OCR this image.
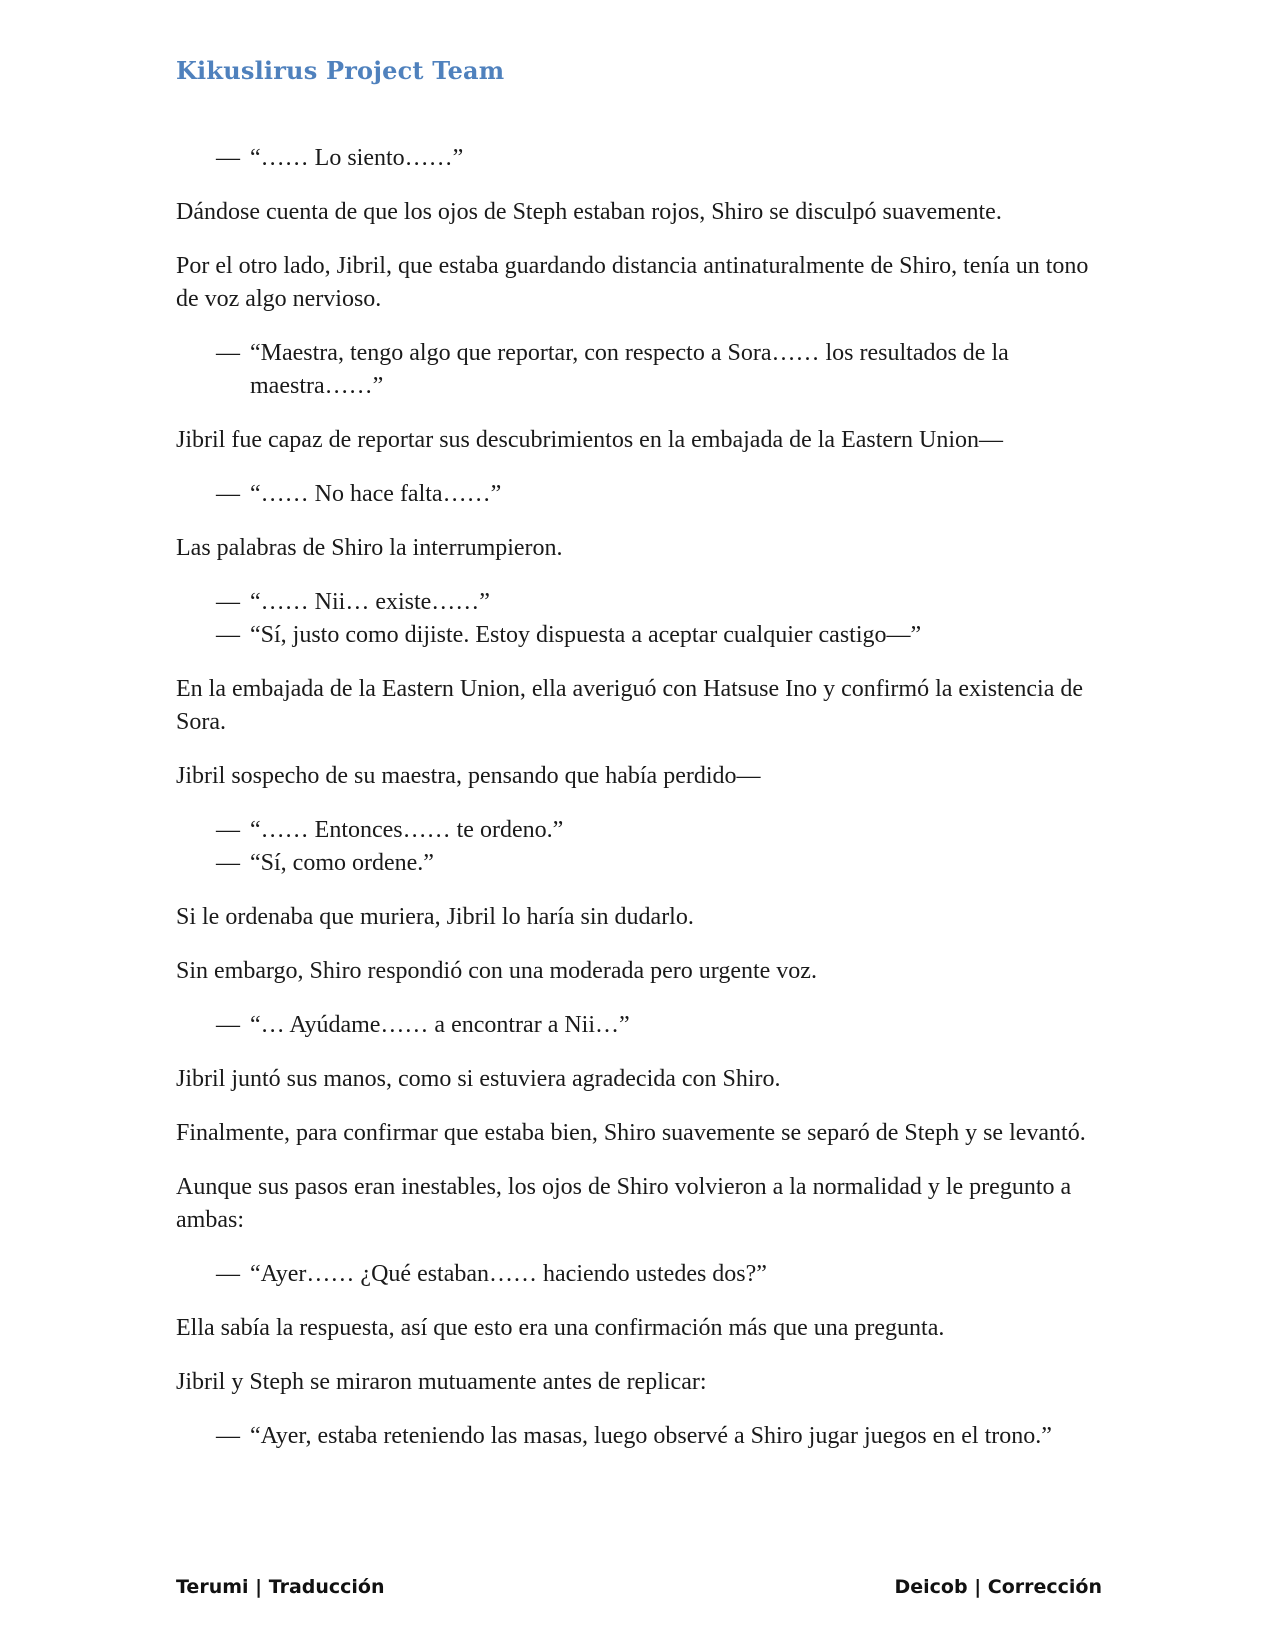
Kikuslirus Project Team
— “…… Lo siento……”

Dándose cuenta de que los ojos de Steph estaban rojos, Shiro se disculpó suavemente.

Por el otro lado, Jibril, que estaba guardando distancia antinaturalmente de Shiro, tenía un tono de voz algo nervioso.

— “Maestra, tengo algo que reportar, con respecto a Sora…… los resultados de la maestra……”

Jibril fue capaz de reportar sus descubrimientos en la embajada de la Eastern Union—

— “…… No hace falta……”

Las palabras de Shiro la interrumpieron.

— “…… Nii… existe……”
— “Sí, justo como dijiste. Estoy dispuesta a aceptar cualquier castigo—”

En la embajada de la Eastern Union, ella averiguó con Hatsuse Ino y confirmó la existencia de Sora.

Jibril sospecho de su maestra, pensando que había perdido—

— “…… Entonces…… te ordeno.”
— “Sí, como ordene.”

Si le ordenaba que muriera, Jibril lo haría sin dudarlo.

Sin embargo, Shiro respondió con una moderada pero urgente voz.

— “… Ayúdame…… a encontrar a Nii…”

Jibril juntó sus manos, como si estuviera agradecida con Shiro.

Finalmente, para confirmar que estaba bien, Shiro suavemente se separó de Steph y se levantó.

Aunque sus pasos eran inestables, los ojos de Shiro volvieron a la normalidad y le pregunto a ambas:

— “Ayer…… ¿Qué estaban…… haciendo ustedes dos?”

Ella sabía la respuesta, así que esto era una confirmación más que una pregunta.

Jibril y Steph se miraron mutuamente antes de replicar:

— “Ayer, estaba reteniendo las masas, luego observé a Shiro jugar juegos en el trono.”
Terumi | Traducción	Deicob | Corrección
